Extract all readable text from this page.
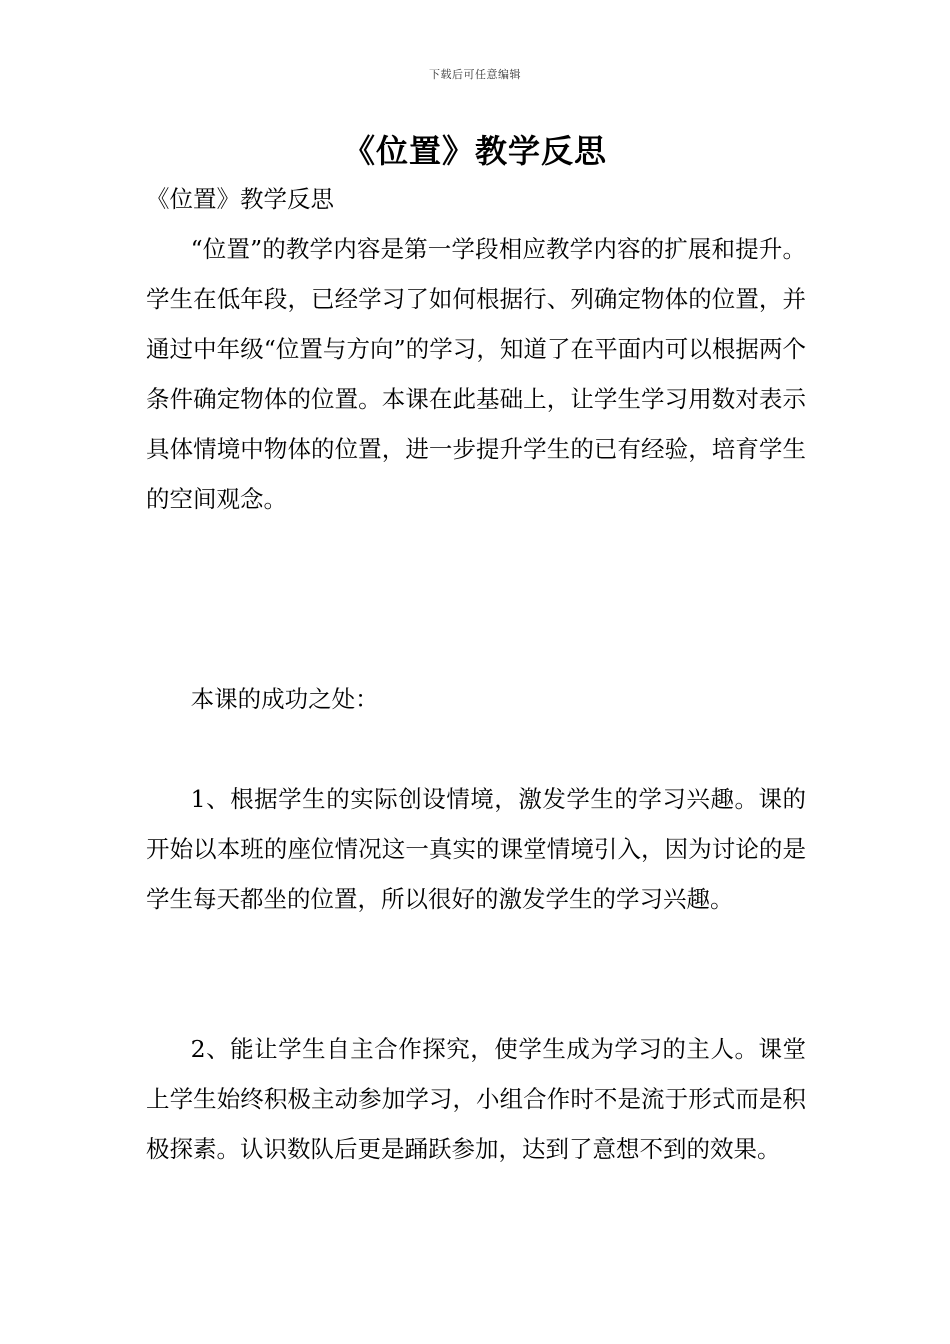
下载后可任意编辑
《位置》教学反思

《位置》教学反思

“位置”的教学内容是第一学段相应教学内容的扩展和提升。学生在低年段，已经学习了如何根据行、列确定物体的位置，并通过中年级“位置与方向”的学习，知道了在平面内可以根据两个条件确定物体的位置。本课在此基础上，让学生学习用数对表示具体情境中物体的位置，进一步提升学生的已有经验，培育学生的空间观念。

本课的成功之处：

1、根据学生的实际创设情境，激发学生的学习兴趣。课的开始以本班的座位情况这一真实的课堂情境引入，因为讨论的是学生每天都坐的位置，所以很好的激发学生的学习兴趣。

2、能让学生自主合作探究，使学生成为学习的主人。课堂上学生始终积极主动参加学习，小组合作时不是流于形式而是积极探素。认识数队后更是踊跃参加，达到了意想不到的效果。
